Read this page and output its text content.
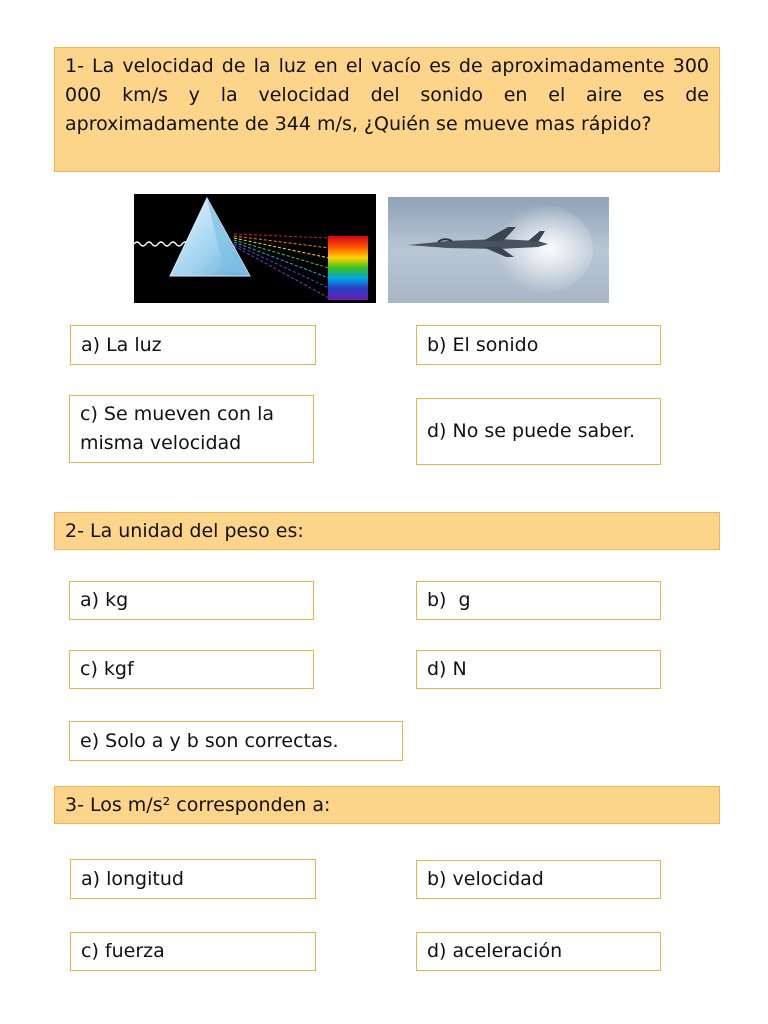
1- La velocidad de la luz en el vacío es de aproximadamente 300 000 km/s y la velocidad del sonido en el aire es de aproximadamente de 344 m/s, ¿Quién se mueve mas rápido?
a) La luz	b) El sonido
c) Se mueven con la misma velocidad
d) No se puede saber.
2- La unidad del peso es:
a) kg	b)  g
c) kgf	d) N
e) Solo a y b son correctas.
3- Los m/s² corresponden a:
a) longitud	b) velocidad
c) fuerza	d) aceleración
